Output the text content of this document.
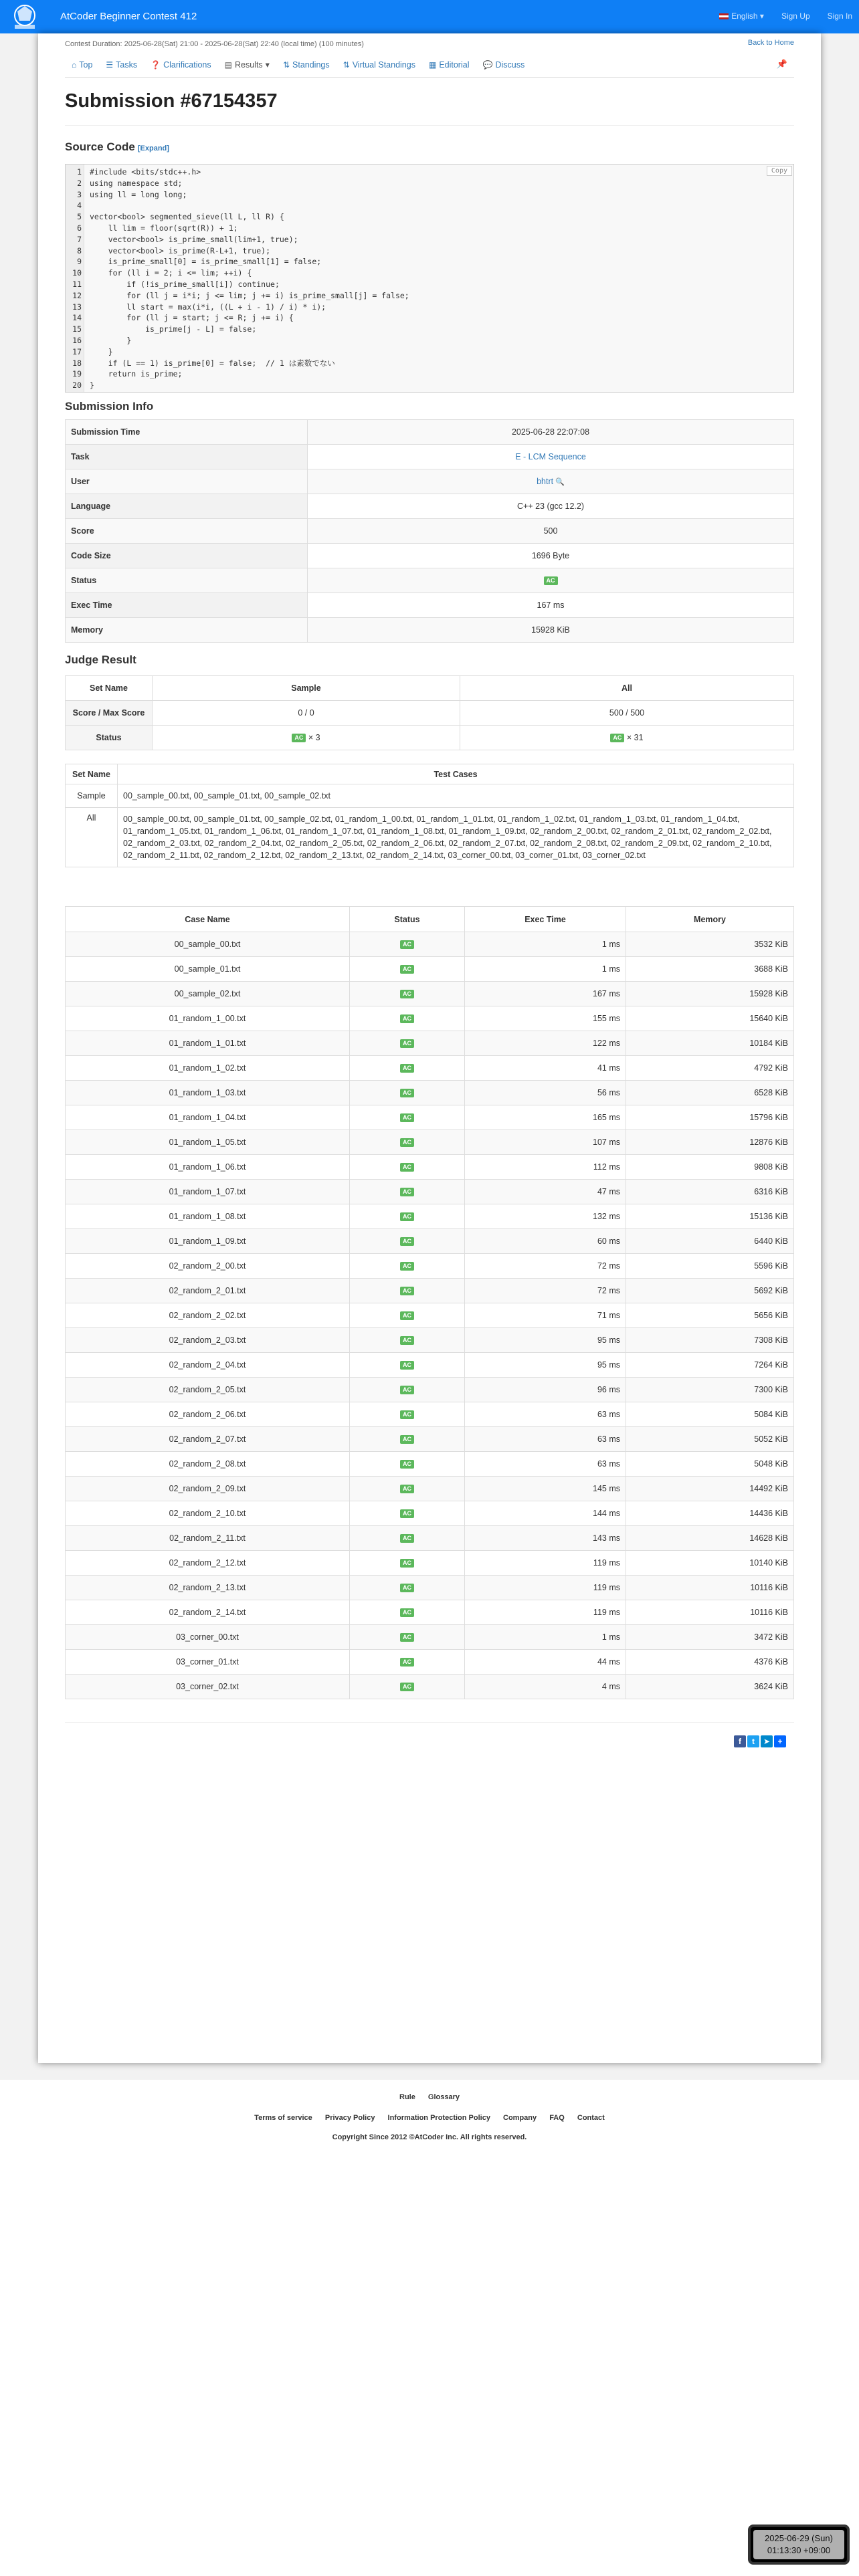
AtCoder Beginner Contest 412	English ▾ Sign Up Sign In
Contest Duration: 2025-06-28(Sat) 21:00 - 2025-06-28(Sat) 22:40 (local time) (100 minutes)	Back to Home
⌂ Top ☰ Tasks ❓ Clarifications ▤ Results ▾	⇅ Standings ⇅ Virtual Standings ▦ Editorial 💬 Discuss	📌
Submission #67154357
Source Code [Expand]
Copy
1 #include <bits/stdc++.h>
2 using namespace std;
3 using ll = long long;
4
5 vector<bool> segmented_sieve(ll L, ll R) {
6 ll lim = floor(sqrt(R)) + 1;
7 vector<bool> is_prime_small(lim+1, true);
8 vector<bool> is_prime(R-L+1, true);
9 is_prime_small[0] = is_prime_small[1] = false;
10 for (ll i = 2; i <= lim; ++i) {
11 if (!is_prime_small[i]) continue;
12 for (ll j = i*i; j <= lim; j += i) is_prime_small[j] = false;
13 ll start = max(i*i, ((L + i - 1) / i) * i);
14 for (ll j = start; j <= R; j += i) {
15 is_prime[j - L] = false;
16 }
17 }
18 if (L == 1) is_prime[0] = false;  // 1 は素数でない
19 return is_prime;
20 }
Submission Info
Submission Time	2025-06-28 22:07:08
Task	E - LCM Sequence
User	bhtrt 🔍
Language	C++ 23 (gcc 12.2)
Score	500
Code Size	1696 Byte
Status	AC
Exec Time	167 ms
Memory	15928 KiB
Judge Result
Set Name	Sample	All
Score / Max Score	0 / 0	500 / 500
Status	AC × 3	AC × 31
Set Name	Test Cases
Sample	00_sample_00.txt, 00_sample_01.txt, 00_sample_02.txt
All	00_sample_00.txt, 00_sample_01.txt, 00_sample_02.txt, 01_random_1_00.txt, 01_random_1_01.txt, 01_random_1_02.txt, 01_random_1_03.txt, 01_random_1_04.txt, 01_random_1_05.txt, 01_random_1_06.txt, 01_random_1_07.txt, 01_random_1_08.txt, 01_random_1_09.txt, 02_random_2_00.txt, 02_random_2_01.txt, 02_random_2_02.txt, 02_random_2_03.txt, 02_random_2_04.txt, 02_random_2_05.txt, 02_random_2_06.txt, 02_random_2_07.txt, 02_random_2_08.txt, 02_random_2_09.txt, 02_random_2_10.txt, 02_random_2_11.txt, 02_random_2_12.txt, 02_random_2_13.txt, 02_random_2_14.txt, 03_corner_00.txt, 03_corner_01.txt, 03_corner_02.txt
Case Name	Status	Exec Time	Memory
00_sample_00.txt	AC	1 ms	3532 KiB
00_sample_01.txt	AC	1 ms	3688 KiB
00_sample_02.txt	AC	167 ms	15928 KiB
01_random_1_00.txt	AC	155 ms	15640 KiB
01_random_1_01.txt	AC	122 ms	10184 KiB
01_random_1_02.txt	AC	41 ms	4792 KiB
01_random_1_03.txt	AC	56 ms	6528 KiB
01_random_1_04.txt	AC	165 ms	15796 KiB
01_random_1_05.txt	AC	107 ms	12876 KiB
01_random_1_06.txt	AC	112 ms	9808 KiB
01_random_1_07.txt	AC	47 ms	6316 KiB
01_random_1_08.txt	AC	132 ms	15136 KiB
01_random_1_09.txt	AC	60 ms	6440 KiB
02_random_2_00.txt	AC	72 ms	5596 KiB
02_random_2_01.txt	AC	72 ms	5692 KiB
02_random_2_02.txt	AC	71 ms	5656 KiB
02_random_2_03.txt	AC	95 ms	7308 KiB
02_random_2_04.txt	AC	95 ms	7264 KiB
02_random_2_05.txt	AC	96 ms	7300 KiB
02_random_2_06.txt	AC	63 ms	5084 KiB
02_random_2_07.txt	AC	63 ms	5052 KiB
02_random_2_08.txt	AC	63 ms	5048 KiB
02_random_2_09.txt	AC	145 ms	14492 KiB
02_random_2_10.txt	AC	144 ms	14436 KiB
02_random_2_11.txt	AC	143 ms	14628 KiB
02_random_2_12.txt	AC	119 ms	10140 KiB
02_random_2_13.txt	AC	119 ms	10116 KiB
02_random_2_14.txt	AC	119 ms	10116 KiB
03_corner_00.txt	AC	1 ms	3472 KiB
03_corner_01.txt	AC	44 ms	4376 KiB
03_corner_02.txt	AC	4 ms	3624 KiB
f	t	➤ +
Rule Glossary
Terms of service Privacy Policy Information Protection Policy Company FAQ Contact
Copyright Since 2012 ©AtCoder Inc. All rights reserved.
2025-06-29 (Sun)
01:13:30 +09:00
